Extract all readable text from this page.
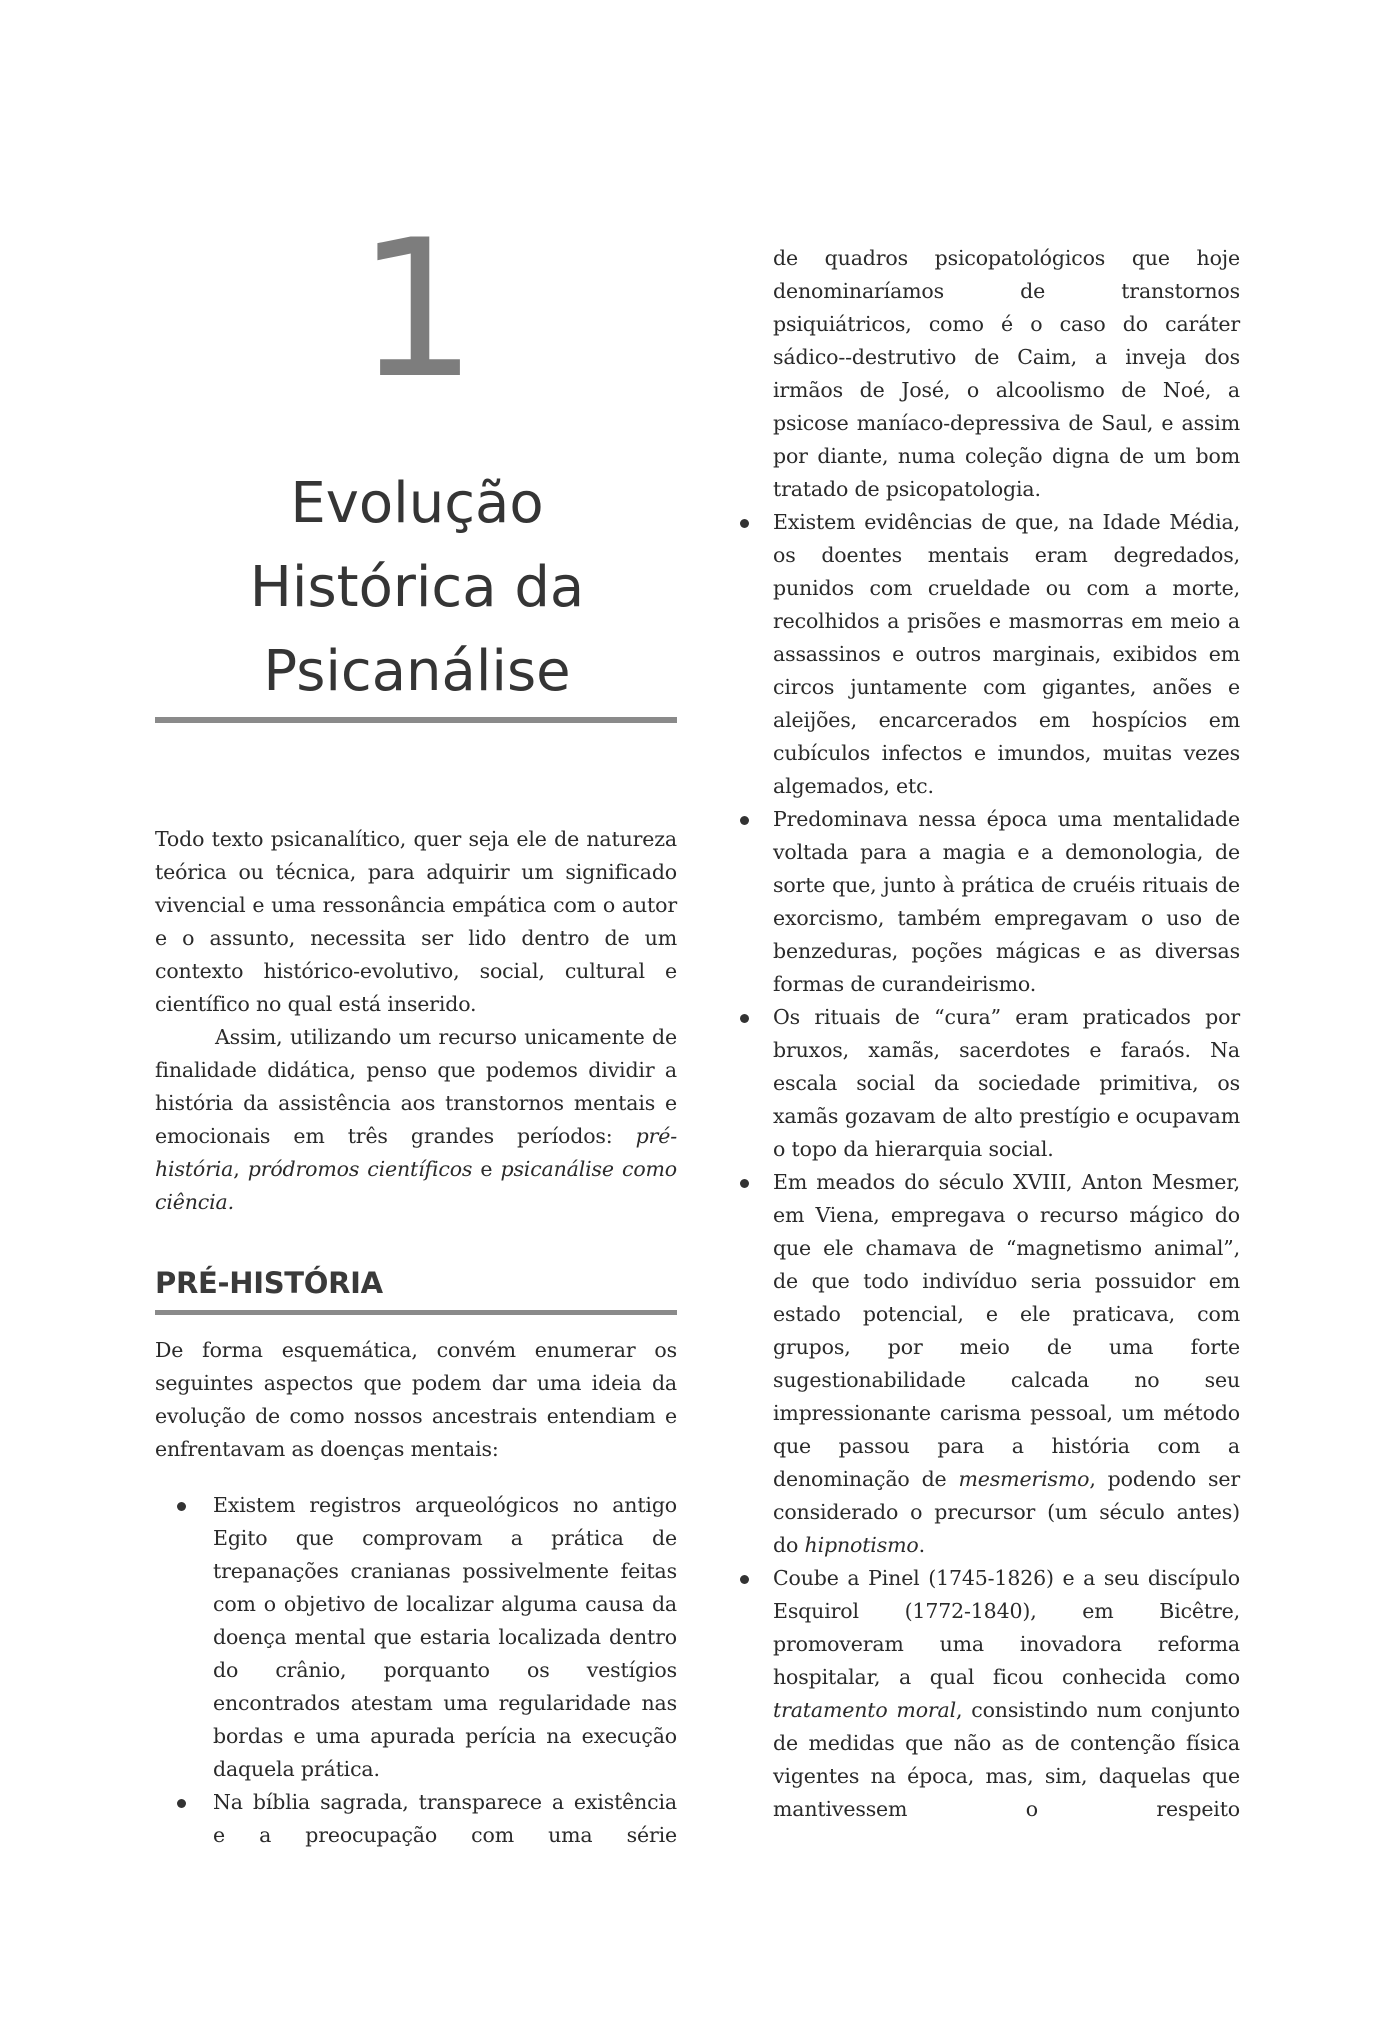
1
Evolução
Histórica da
Psicanálise

Todo texto psicanalítico, quer seja ele de natureza teórica ou técnica, para adquirir um significado vivencial e uma ressonância empática com o autor e o assunto, necessita ser lido dentro de um contexto histórico-evolutivo, social, cultural e científico no qual está inserido.

Assim, utilizando um recurso unicamente de finalidade didática, penso que podemos dividir a história da assistência aos transtornos mentais e emocionais em três grandes períodos: pré-história, pródromos científicos e psicanálise como ciência.

PRÉ-HISTÓRIA

De forma esquemática, convém enumerar os seguintes aspectos que podem dar uma ideia da evolução de como nossos ancestrais entendiam e enfrentavam as doenças mentais:

Existem registros arqueológicos no antigo Egito que comprovam a prática de trepanações cranianas possivelmente feitas com o objetivo de localizar alguma causa da doença mental que estaria localizada dentro do crânio, porquanto os vestígios encontrados atestam uma regularidade nas bordas e uma apurada perícia na execução daquela prática.

Na bíblia sagrada, transparece a existência e a preocupação com uma série

de quadros psicopatológicos que hoje denominaríamos de transtornos psiquiátricos, como é o caso do caráter sádico--destrutivo de Caim, a inveja dos irmãos de José, o alcoolismo de Noé, a psicose maníaco-depressiva de Saul, e assim por diante, numa coleção digna de um bom tratado de psicopatologia.

Existem evidências de que, na Idade Média, os doentes mentais eram degredados, punidos com crueldade ou com a morte, recolhidos a prisões e masmorras em meio a assassinos e outros marginais, exibidos em circos juntamente com gigantes, anões e aleijões, encarcerados em hospícios em cubículos infectos e imundos, muitas vezes algemados, etc.

Predominava nessa época uma mentalidade voltada para a magia e a demonologia, de sorte que, junto à prática de cruéis rituais de exorcismo, também empregavam o uso de benzeduras, poções mágicas e as diversas formas de curandeirismo.

Os rituais de “cura” eram praticados por bruxos, xamãs, sacerdotes e faraós. Na escala social da sociedade primitiva, os xamãs gozavam de alto prestígio e ocupavam o topo da hierarquia social.

Em meados do século XVIII, Anton Mesmer, em Viena, empregava o recurso mágico do que ele chamava de “magnetismo animal”, de que todo indivíduo seria possuidor em estado potencial, e ele praticava, com grupos, por meio de uma forte sugestionabilidade calcada no seu impressionante carisma pessoal, um método que passou para a história com a denominação de mesmerismo, podendo ser considerado o precursor (um século antes) do hipnotismo.

Coube a Pinel (1745-1826) e a seu discípulo Esquirol (1772-1840), em Bicêtre, promoveram uma inovadora reforma hospitalar, a qual ficou conhecida como tratamento moral, consistindo num conjunto de medidas que não as de contenção física vigentes na época, mas, sim, daquelas que mantivessem o respeito
